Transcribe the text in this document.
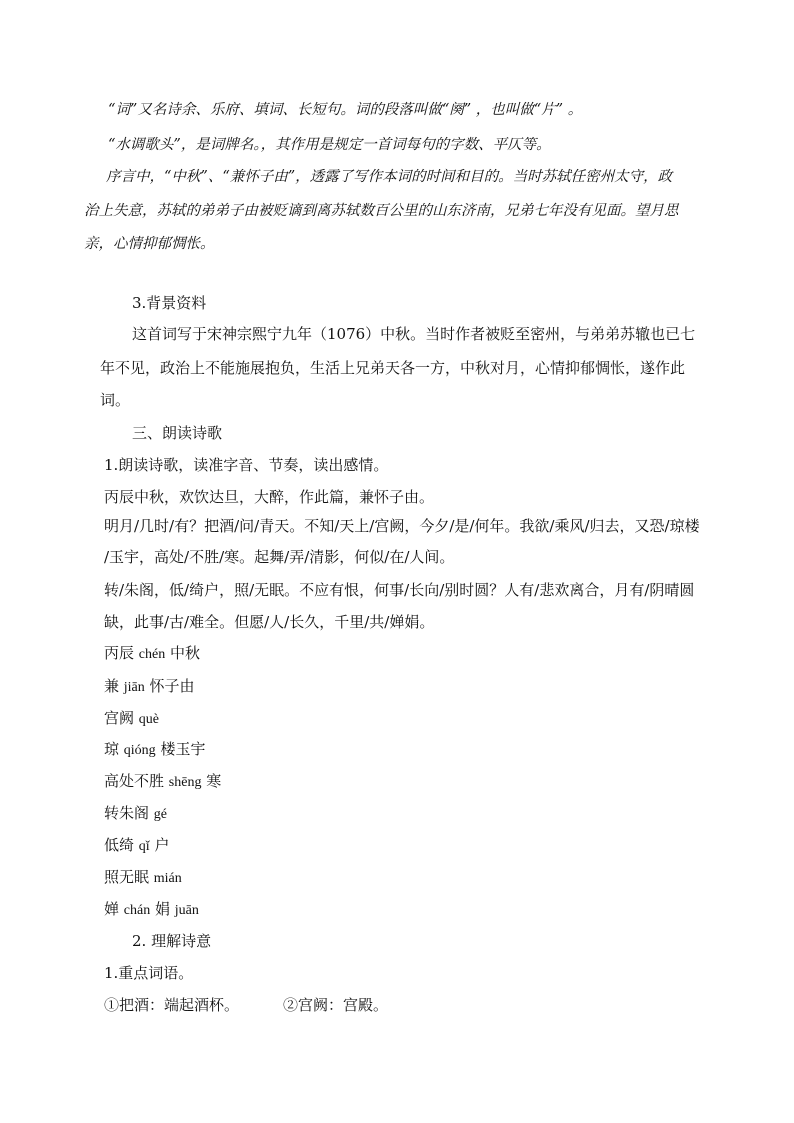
“词”又名诗余、乐府、填词、长短句。词的段落叫做“阕” ，也叫做“片” 。
“水调歌头”，是词牌名。，其作用是规定一首词每句的字数、平仄等。
序言中，“中秋”、“兼怀子由”，透露了写作本词的时间和目的。当时苏轼任密州太守，政
治上失意，苏轼的弟弟子由被贬谪到离苏轼数百公里的山东济南，兄弟七年没有见面。望月思
亲，心情抑郁惆怅。
3.背景资料
这首词写于宋神宗熙宁九年（1076）中秋。当时作者被贬至密州，与弟弟苏辙也已七
年不见，政治上不能施展抱负，生活上兄弟天各一方，中秋对月，心情抑郁惆怅，遂作此
词。
三、朗读诗歌
1.朗读诗歌，读准字音、节奏，读出感情。
丙辰中秋，欢饮达旦，大醉，作此篇，兼怀子由。
明月/几时/有？把酒/问/青天。不知/天上/宫阙，今夕/是/何年。我欲/乘风/归去，又恐/琼楼
/玉宇，高处/不胜/寒。起舞/弄/清影，何似/在/人间。
转/朱阁，低/绮户，照/无眠。不应有恨，何事/长向/别时圆？人有/悲欢离合，月有/阴晴圆
缺，此事/古/难全。但愿/人/长久，千里/共/婵娟。
丙辰 chén 中秋
兼 jiān 怀子由
宫阙 què
琼 qióng 楼玉宇
高处不胜 shēng 寒
转朱阁 gé
低绮 qǐ 户
照无眠 mián
婵 chán 娟 juān
2. 理解诗意
1.重点词语。
①把酒：端起酒杯。	②宫阙：宫殿。
